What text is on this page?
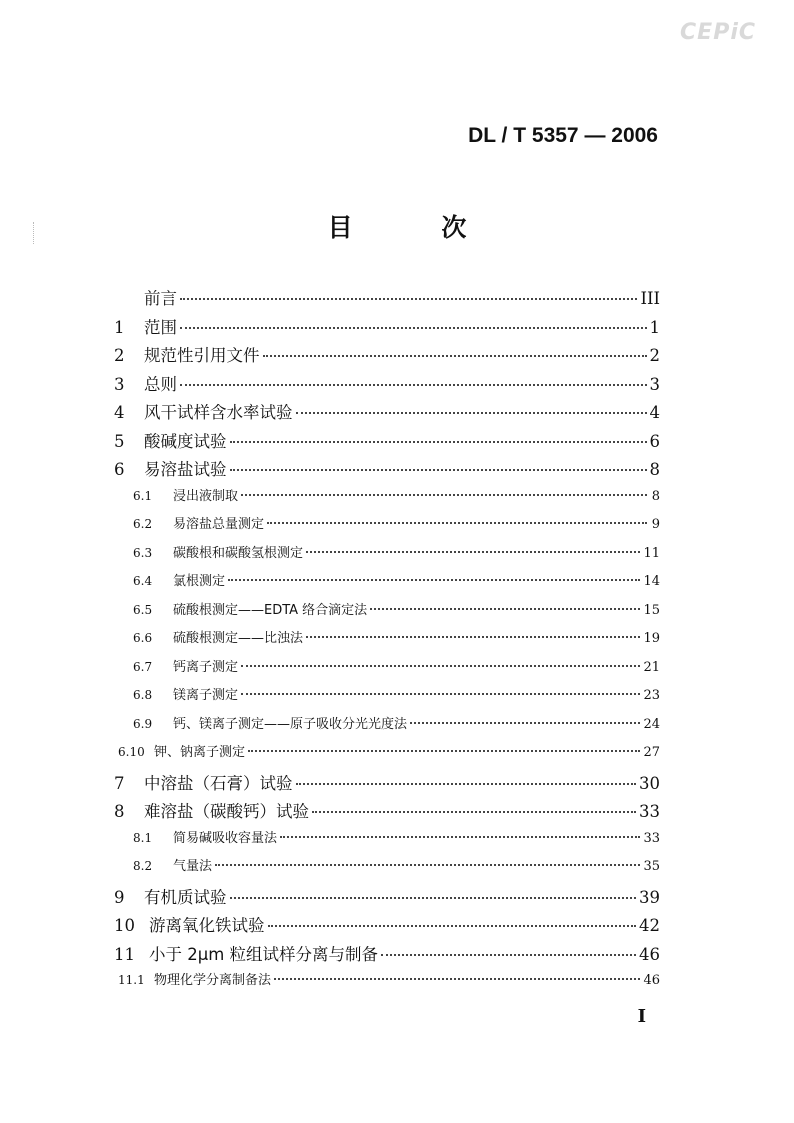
CEPiC
DL / T 5357 — 2006
目 次
前言	III
1	范围	1
2	规范性引用文件	2
3	总则	3
4	风干试样含水率试验	4
5	酸碱度试验	6
6	易溶盐试验	8
6.1	浸出液制取	8
6.2	易溶盐总量测定	9
6.3	碳酸根和碳酸氢根测定	11
6.4	氯根测定	14
6.5	硫酸根测定——EDTA 络合滴定法	15
6.6	硫酸根测定——比浊法	19
6.7	钙离子测定	21
6.8	镁离子测定	23
6.9	钙、镁离子测定——原子吸收分光光度法	24
6.10 钾、钠离子测定	27
7	中溶盐（石膏）试验	30
8	难溶盐（碳酸钙）试验	33
8.1	简易碱吸收容量法	33
8.2	气量法	35
9	有机质试验	39
10 游离氧化铁试验	42
11 小于 2μm 粒组试样分离与制备	46
11.1 物理化学分离制备法	46
I
